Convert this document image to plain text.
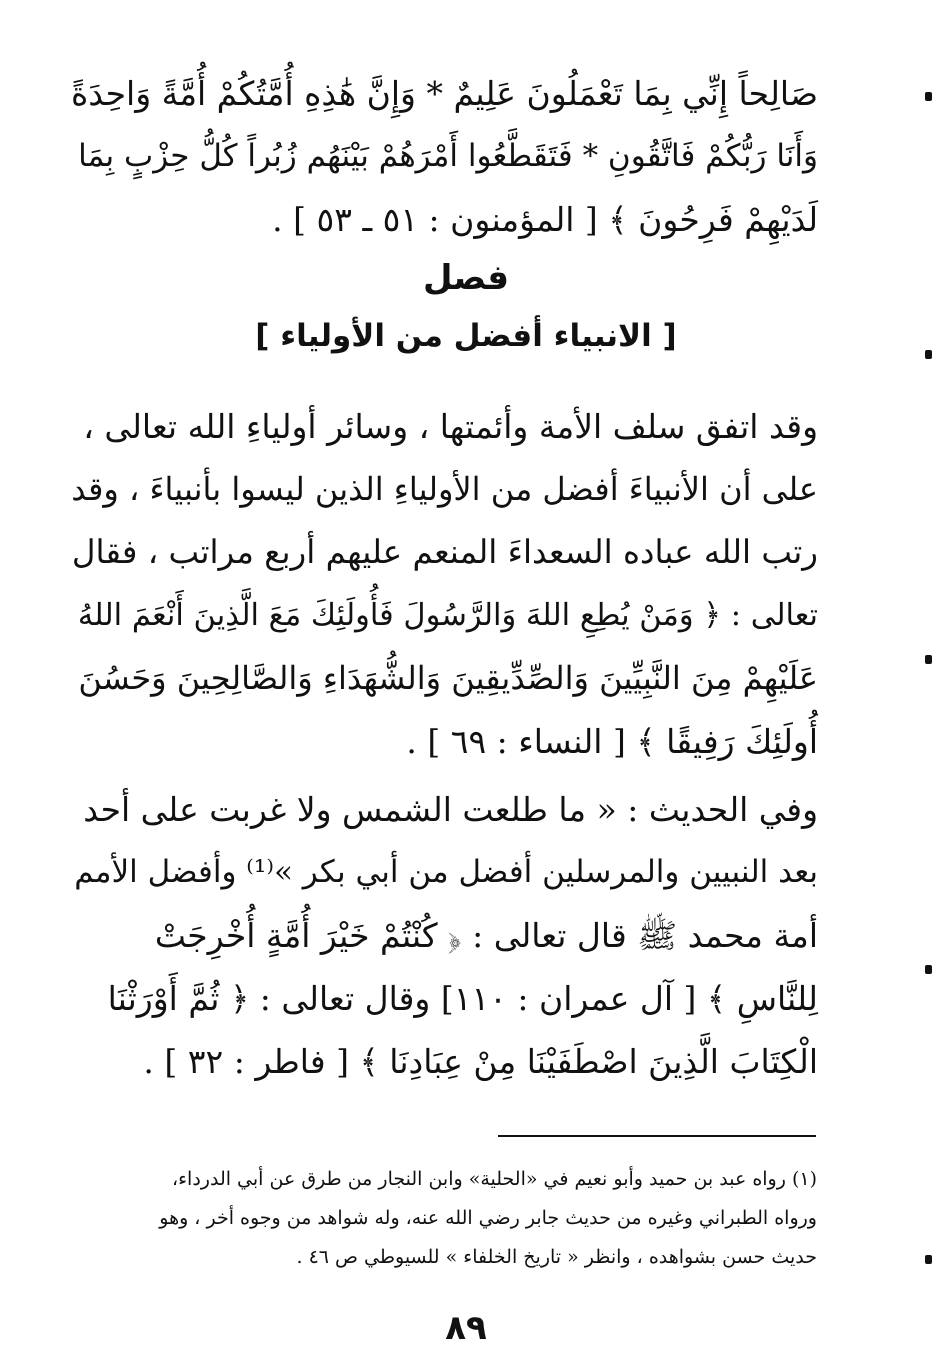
صَالِحاً إِنِّي بِمَا تَعْمَلُونَ عَلِيمٌ * وَإِنَّ هَٰذِهِ أُمَّتُكُمْ أُمَّةً وَاحِدَةً
وَأَنَا رَبُّكُمْ فَاتَّقُونِ * فَتَقَطَّعُوا أَمْرَهُمْ بَيْنَهُم زُبُراً كُلُّ حِزْبٍ بِمَا
لَدَيْهِمْ فَرِحُونَ ﴾ [ المؤمنون : ٥١ ـ ٥٣ ] .
فصل
[ الانبياء أفضل من الأولياء ]
وقد اتفق سلف الأمة وأئمتها ، وسائر أولياءِ الله تعالى ،
على أن الأنبياءَ أفضل من الأولياءِ الذين ليسوا بأنبياءَ ، وقد
رتب الله عباده السعداءَ المنعم عليهم أربع مراتب ، فقال
تعالى : ﴿ وَمَنْ يُطِعِ اللهَ وَالرَّسُولَ فَأُولَئِكَ مَعَ الَّذِينَ أَنْعَمَ اللهُ
عَلَيْهِمْ مِنَ النَّبِيِّينَ وَالصِّدِّيقِينَ وَالشُّهَدَاءِ وَالصَّالِحِينَ وَحَسُنَ
أُولَئِكَ رَفِيقًا ﴾ [ النساء : ٦٩ ] .
وفي الحديث : « ما طلعت الشمس ولا غربت على أحد
بعد النبيين والمرسلين أفضل من أبي بكر »⁽¹⁾ وأفضل الأمم
أمة محمد ﷺ قال تعالى : ﴿ كُنْتُمْ خَيْرَ أُمَّةٍ أُخْرِجَتْ
لِلنَّاسِ ﴾ [ آل عمران : ١١٠] وقال تعالى : ﴿ ثُمَّ أَوْرَثْنَا
الْكِتَابَ الَّذِينَ اصْطَفَيْنَا مِنْ عِبَادِنَا ﴾ [ فاطر : ٣٢ ] .
(١) رواه عبد بن حميد وأبو نعيم في «الحلية» وابن النجار من طرق عن أبي الدرداء،
ورواه الطبراني وغيره من حديث جابر رضي الله عنه، وله شواهد من وجوه أخر ، وهو
حديث حسن بشواهده ، وانظر « تاريخ الخلفاء » للسيوطي ص ٤٦ .
٨٩
